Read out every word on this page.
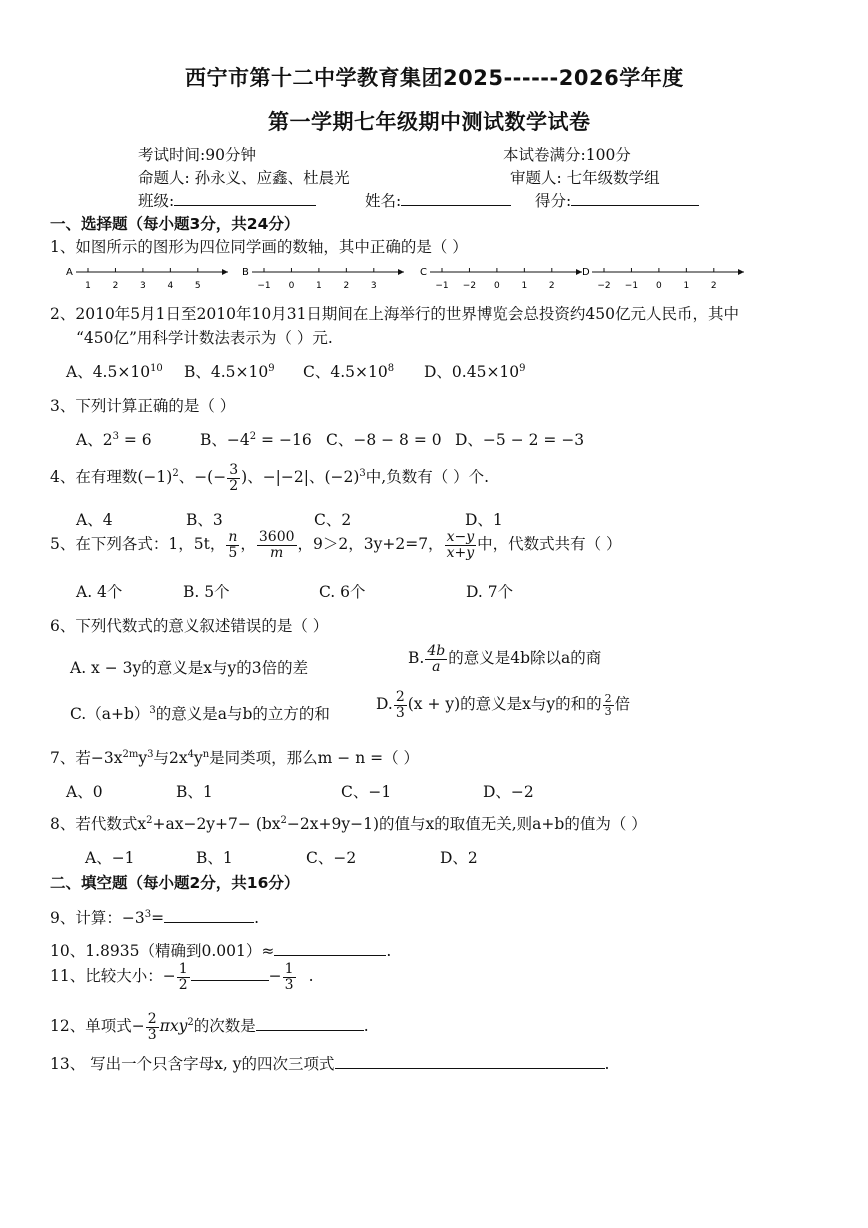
西宁市第十二中学教育集团2025------2026学年度
第一学期七年级期中测试数学试卷
考试时间:90分钟	本试卷满分:100分
命题人: 孙永义、应鑫、杜晨光	审题人: 七年级数学组
班级:	姓名:	得分:
一、选择题（每小题3分，共24分）
1、如图所示的图形为四位同学画的数轴，其中正确的是（ ）
A
1 2 3 4 5
B
−1 0 1 2 3
C
−1 −2 0 1 2
D
−2 −1 0 1 2
2、2010年5月1日至2010年10月31日期间在上海举行的世界博览会总投资约450亿元人民币，其中
“450亿”用科学计数法表示为（ ）元.
A、$4.5\times 10^{10}$ B、$4.5\times 10^9$ C、$4.5\times 10^8$ D、$0.45\times 10^9$
3、下列计算正确的是（ ）
A、$2^3 = 6$	B、$-4^2 = -16$ C、−8 − 8 = 0 D、−5 − 2 = −3
4、在有理数$(-1)^2$、−(− $\frac{3}{2}$ )、−|−2|、$(-2)^3$中,负数有（ ）个.
A、4	B、3	C、2	D、1
5、在下列各式：1，5t， $\frac{n}{5}$ ， $\frac{3600}{m}$ ，9＞2，3y+2=7， $\frac{x-y}{x+y}$ 中，代数式共有（ ）
A. 4个	B. 5个	C. 6个	D. 7个
6、下列代数式的意义叙述错误的是（ ）
A. x − 3y的意义是x与y的3倍的差
B. $\frac{4b}{a}$ 的意义是4b除以a的商
$C.(a+b)^3$的意义是a与b的立方的和
D. $\frac{2}{3} (x + y)$的意义是x与y的和的 $\frac{2}{3}$ 倍
7、若$-3x^{2m}y^3$与$2x^4y^n$是同类项，那么m − n =（ ）
A、0	B、1	C、−1	D、−2
8、若代数式$x^2+ax-2y+7- (bx^2-2x+9y-1)$的值与x的取值无关,则a+b的值为（ ）
A、−1	B、1	C、−2	D、2
二、填空题（每小题2分，共16分）
9、计算：$-3^3=$	.
10、1.8935（精确到0.001）≈	.
11、比较大小：− $\frac{1}{2}$	− $\frac{1}{3}$ .
12、单项式− $\frac{2}{3} \pi xy^2$的次数是	.
13、 写出一个只含字母x, y的四次三项式	.
